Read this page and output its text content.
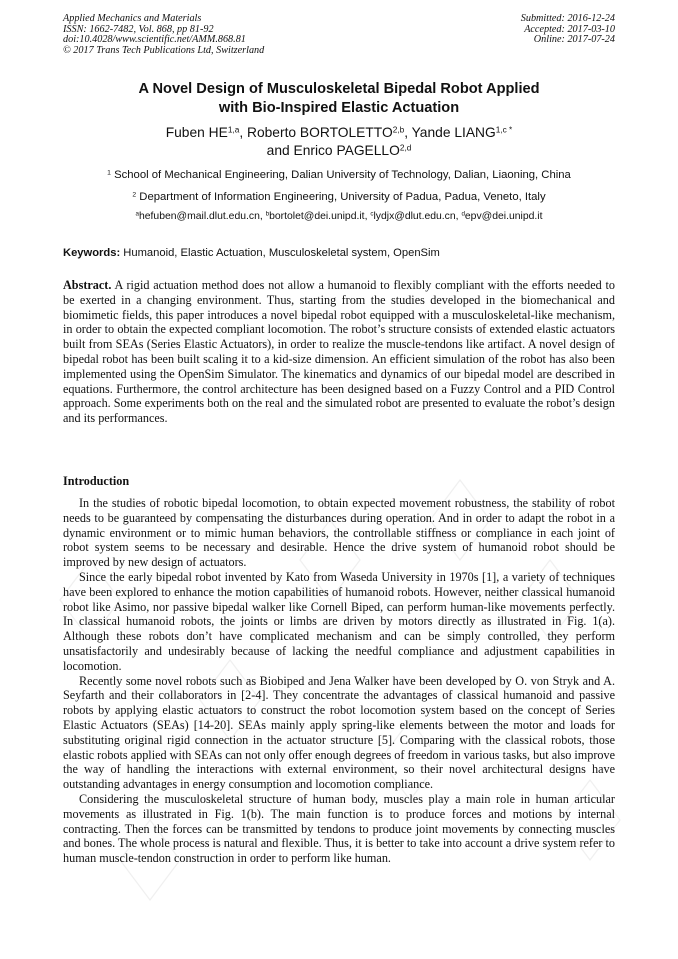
Applied Mechanics and Materials
ISSN: 1662-7482, Vol. 868, pp 81-92
doi:10.4028/www.scientific.net/AMM.868.81
© 2017 Trans Tech Publications Ltd, Switzerland
Submitted: 2016-12-24
Accepted: 2017-03-10
Online: 2017-07-24
A Novel Design of Musculoskeletal Bipedal Robot Applied
with Bio-Inspired Elastic Actuation
Fuben HE$^{1,a}$, Roberto BORTOLETTO$^{2,b}$, Yande $LIANG^{1,c *}$
and Enrico PAGELLO$^{2,d}$
$^1$ School of Mechanical Engineering, Dalian University of Technology, Dalian, Liaoning, China
$^2$ Department of Information Engineering, University of Padua, Padua, Veneto, Italy
$^a$hefuben@mail.dlut.edu.cn, $^b$bortolet@dei.unipd.it, $^c$lydjx@dlut.edu.cn, $^d$epv@dei.unipd.it
Keywords: Humanoid, Elastic Actuation, Musculoskeletal system, OpenSim

Abstract. A rigid actuation method does not allow a humanoid to flexibly compliant with the efforts needed to be exerted in a changing environment. Thus, starting from the studies developed in the biomechanical and biomimetic fields, this paper introduces a novel bipedal robot equipped with a musculoskeletal-like mechanism, in order to obtain the expected compliant locomotion. The robot’s structure consists of extended elastic actuators built from SEAs (Series Elastic Actuators), in order to realize the muscle-tendons like artifact. A novel design of bipedal robot has been built scaling it to a kid-size dimension. An efficient simulation of the robot has also been implemented using the OpenSim Simulator. The kinematics and dynamics of our bipedal model are described in equations. Furthermore, the control architecture has been designed based on a Fuzzy Control and a PID Control approach. Some experiments both on the real and the simulated robot are presented to evaluate the robot’s design and its performances.

Introduction

In the studies of robotic bipedal locomotion, to obtain expected movement robustness, the stability of robot needs to be guaranteed by compensating the disturbances during operation. And in order to adapt the robot in a dynamic environment or to mimic human behaviors, the controllable stiffness or compliance in each joint of robot system seems to be necessary and desirable. Hence the drive system of humanoid robot should be improved by new design of actuators.

Since the early bipedal robot invented by Kato from Waseda University in 1970s [1], a variety of techniques have been explored to enhance the motion capabilities of humanoid robots. However, neither classical humanoid robot like Asimo, nor passive bipedal walker like Cornell Biped, can perform human-like movements perfectly. In classical humanoid robots, the joints or limbs are driven by motors directly as illustrated in Fig. 1(a). Although these robots don’t have complicated mechanism and can be simply controlled, they perform unsatisfactorily and undesirably because of lacking the needful compliance and adjustment capabilities in locomotion.

Recently some novel robots such as Biobiped and Jena Walker have been developed by O. von Stryk and A. Seyfarth and their collaborators in [2-4]. They concentrate the advantages of classical humanoid and passive robots by applying elastic actuators to construct the robot locomotion system based on the concept of Series Elastic Actuators (SEAs) [14-20]. SEAs mainly apply spring-like elements between the motor and loads for substituting original rigid connection in the actuator structure [5]. Comparing with the classical robots, those elastic robots applied with SEAs can not only offer enough degrees of freedom in various tasks, but also improve the way of handling the interactions with external environment, so their novel architectural designs have outstanding advantages in energy consumption and locomotion compliance.

Considering the musculoskeletal structure of human body, muscles play a main role in human articular movements as illustrated in Fig. 1(b). The main function is to produce forces and motions by internal contracting. Then the forces can be transmitted by tendons to produce joint movements by connecting muscles and bones. The whole process is natural and flexible. Thus, it is better to take into account a drive system refer to human muscle-tendon construction in order to perform like human.
